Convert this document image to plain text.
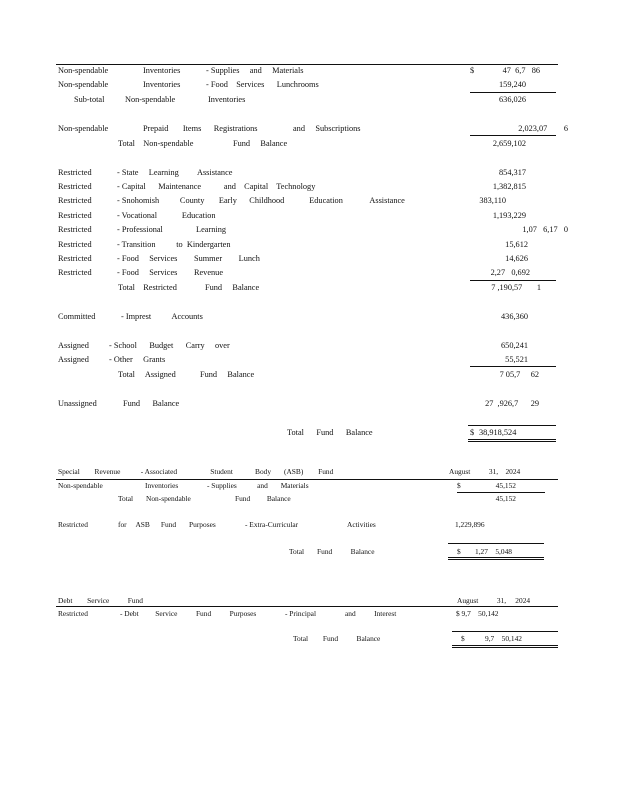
Non-spendable	Inventories	- Supplies     and     Materials	$	47  6,7   86
Non-spendable	Inventories	- Food    Services      Lunchrooms	159,240
Sub-total Non-spendable	Inventories	636,026
Non-spendable	Prepaid       Items      Registrations	and     Subscriptions	2,023,07        6
Total    Non-spendable	Fund     Balance	2,659,102
Restricted	- State     Learning         Assistance	854,317
Restricted	- Capital      Maintenance           and    Capital    Technology	1,382,815
Restricted	- Snohomish          County       Early      Childhood            Education             Assistance	383,110
Restricted	- Vocational            Education	1,193,229
Restricted	- Professional                Learning	1,07   6,17   0
Restricted	- Transition          to  Kindergarten	15,612
Restricted	- Food     Services        Summer        Lunch	14,626
Restricted	- Food     Services        Revenue	2,27   0,692
Total    Restricted	Fund     Balance	7 ,190,57       1
Committed	- Imprest          Accounts	436,360
Assigned - School      Budget      Carry     over	650,241
Assigned - Other     Grants	55,521
Total     Assigned	Fund     Balance	7 05,7     62
Unassigned	Fund      Balance	27  ,926,7      29
Total      Fund      Balance	$ 38,918,524
Special        Revenue           - Associated                  Student            Body       (ASB)        Fund	August          31,    2024
Non-spendable	Inventories	- Supplies           and       Materials	$	45,152
Total       Non-spendable	Fund         Balance	45,152
Restricted	for     ASB      Fund       Purposes	- Extra-Curricular	Activities	1,229,896
Total       Fund          Balance	$ 1,27    5,048
Debt        Service          Fund	August          31,     2024
Restricted	- Debt         Service          Fund          Purposes	- Principal	and          Interest	$ 9,7    50,142
Total        Fund          Balance	$	9,7    50,142
